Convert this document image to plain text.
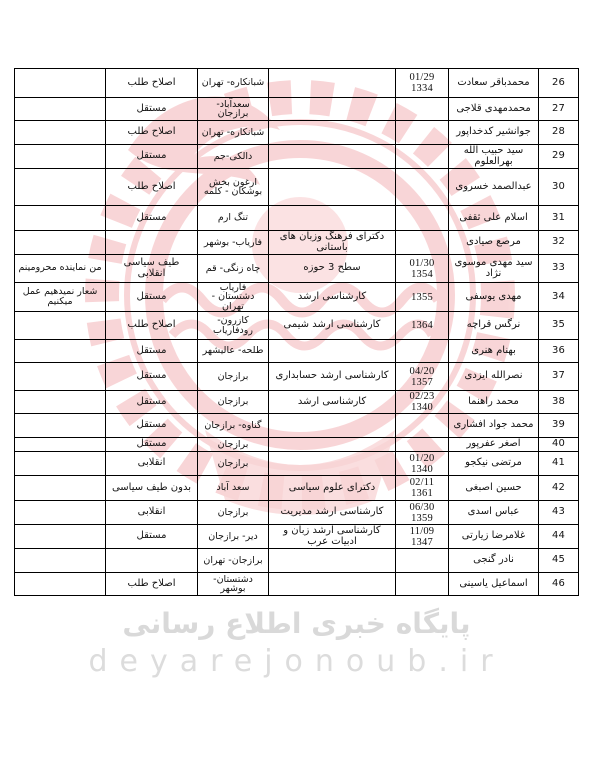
پایگاه خبری اطلاع رسانی
deyarejonoub.ir
26
محمدباقر سعادت
01/29 1334
شبانکاره- تهران
اصلاح طلب
27
محمدمهدی قلاجی
سعدآباد- برازجان
مستقل
28
جوانشیر کدخداپور
شبانکاره- تهران
اصلاح طلب
29
سید حبیب الله بهرالعلوم
دالکی-جم
مستقل
30
عبدالصمد خسروی
ارغون بخش بوشکان - کلمه
اصلاح طلب
31
اسلام علی ثقفی
تنگ ارم
مستقل
32
مرصع صیادی
دکترای فرهنگ وزبان های باستانی
فاریاب- بوشهر
33
سید مهدی موسوی نژاد
01/30 1354
سطح 3 حوزه
چاه زنگی- قم
طیف سیاسی انقلابی
من نماینده محرومینم
34
مهدی یوسفی
1355
کارشناسی ارشد
فاریاب دشتستان - تهران
مستقل
شعار نمیدهیم عمل میکنیم
35
نرگس قراچه
1364
کارشناسی ارشد شیمی
کازرون- رودفاریاب
اصلاح طلب
36
بهنام هنری
طلحه- عالیشهر
مستقل
37
نصرالله ایزدی
04/20 1357
کارشناسی ارشد حسابداری
برازجان
مستقل
38
محمد راهنما
02/23 1340
کارشناسی ارشد
برازجان
مستقل
39
محمد جواد افشاری
گناوه- برازجان
مستقل
40
اصغر عفرپور
برازجان
مستقل
41
مرتضی نیکجو
01/20 1340
برازجان
انقلابی
42
حسین اصبغی
02/11 1361
دکترای علوم سیاسی
سعد آباد
بدون طیف سیاسی
43
عباس اسدی
06/30 1359
کارشناسی ارشد مدیریت
برازجان
انقلابی
44
غلامرضا زیارتی
11/09 1347
کارشناسی ارشد زبان و ادبیات عرب
دیر- برازجان
مستقل
45
نادر گنجی
برازجان- تهران
46
اسماعیل یاسینی
دشتستان- بوشهر
اصلاح طلب
